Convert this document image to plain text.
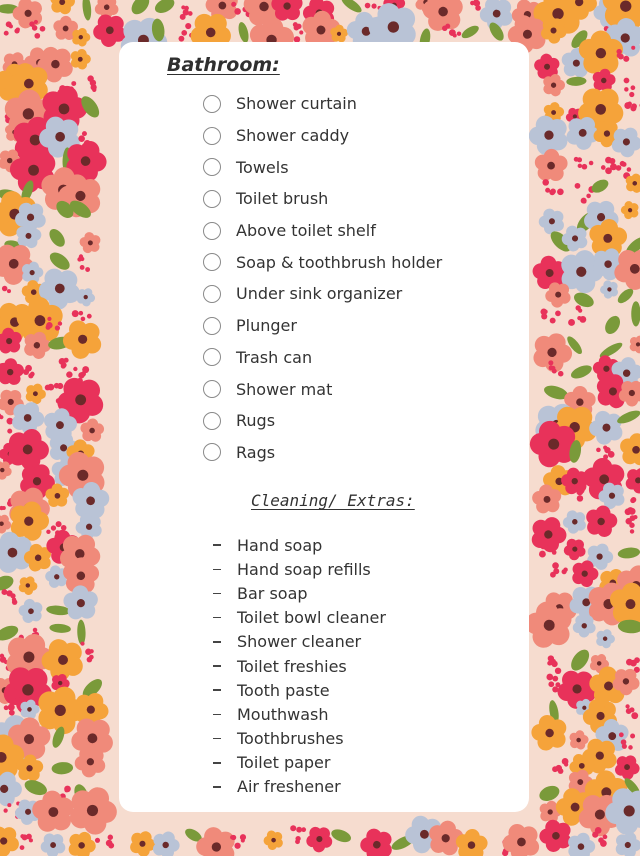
Bathroom:
Shower curtain
Shower caddy
Towels
Toilet brush
Above toilet shelf
Soap & toothbrush holder
Under sink organizer
Plunger
Trash can
Shower mat
Rugs
Rags
Cleaning/ Extras:
Hand soap
Hand soap refills
Bar soap
Toilet bowl cleaner
Shower cleaner
Toilet freshies
Tooth paste
Mouthwash
Toothbrushes
Toilet paper
Air freshener
